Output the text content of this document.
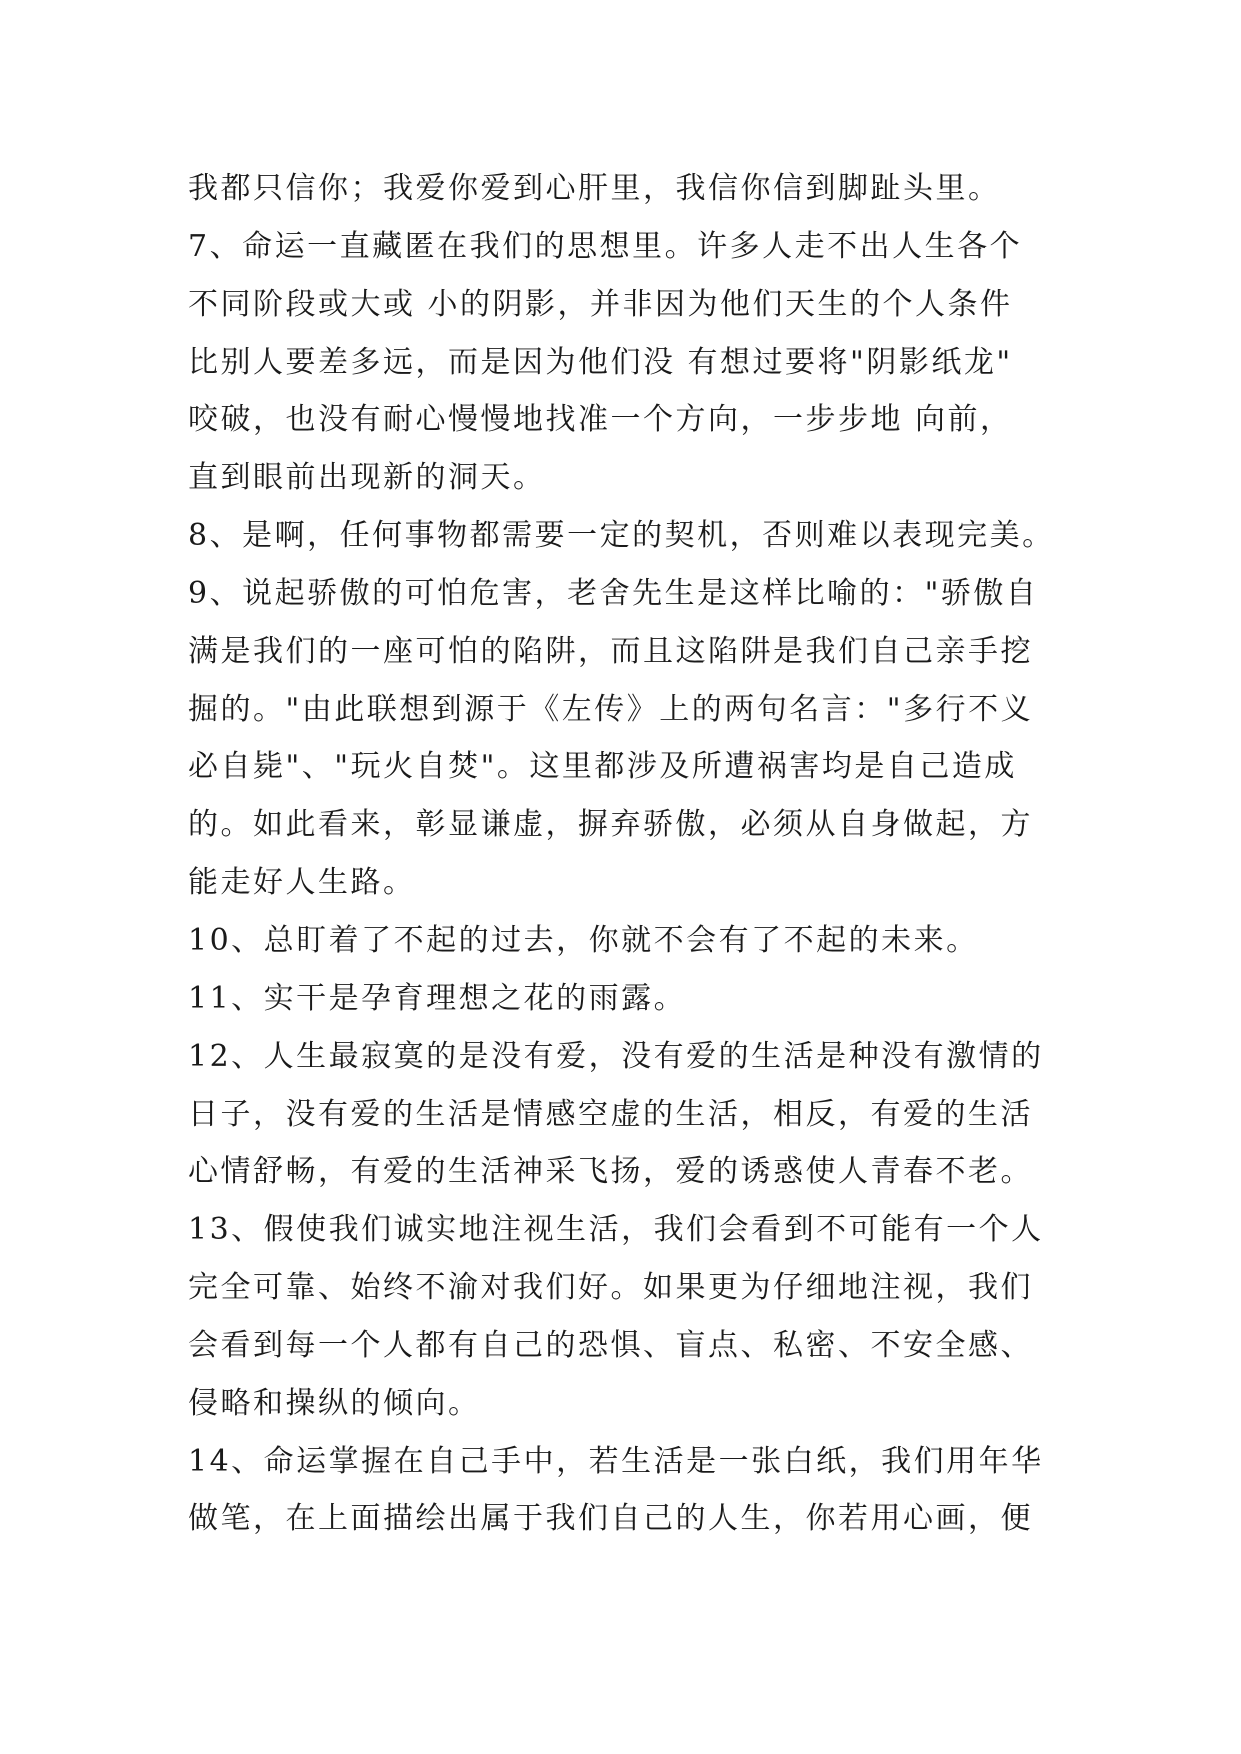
我都只信你；我爱你爱到心肝里，我信你信到脚趾头里。

7、命运一直藏匿在我们的思想里。许多人走不出人生各个

不同阶段或大或 小的阴影，并非因为他们天生的个人条件

比别人要差多远，而是因为他们没 有想过要将"阴影纸龙"

咬破，也没有耐心慢慢地找准一个方向，一步步地 向前，

直到眼前出现新的洞天。

8、是啊，任何事物都需要一定的契机，否则难以表现完美。

9、说起骄傲的可怕危害，老舍先生是这样比喻的："骄傲自

满是我们的一座可怕的陷阱，而且这陷阱是我们自己亲手挖

掘的。"由此联想到源于《左传》上的两句名言："多行不义

必自毙"、"玩火自焚"。这里都涉及所遭祸害均是自己造成

的。如此看来，彰显谦虚，摒弃骄傲，必须从自身做起，方

能走好人生路。

10、总盯着了不起的过去，你就不会有了不起的未来。

11、实干是孕育理想之花的雨露。

12、人生最寂寞的是没有爱，没有爱的生活是种没有激情的

日子，没有爱的生活是情感空虚的生活，相反，有爱的生活

心情舒畅，有爱的生活神采飞扬，爱的诱惑使人青春不老。

13、假使我们诚实地注视生活，我们会看到不可能有一个人

完全可靠、始终不渝对我们好。如果更为仔细地注视，我们

会看到每一个人都有自己的恐惧、盲点、私密、不安全感、

侵略和操纵的倾向。

14、命运掌握在自己手中，若生活是一张白纸，我们用年华

做笔，在上面描绘出属于我们自己的人生，你若用心画，便
